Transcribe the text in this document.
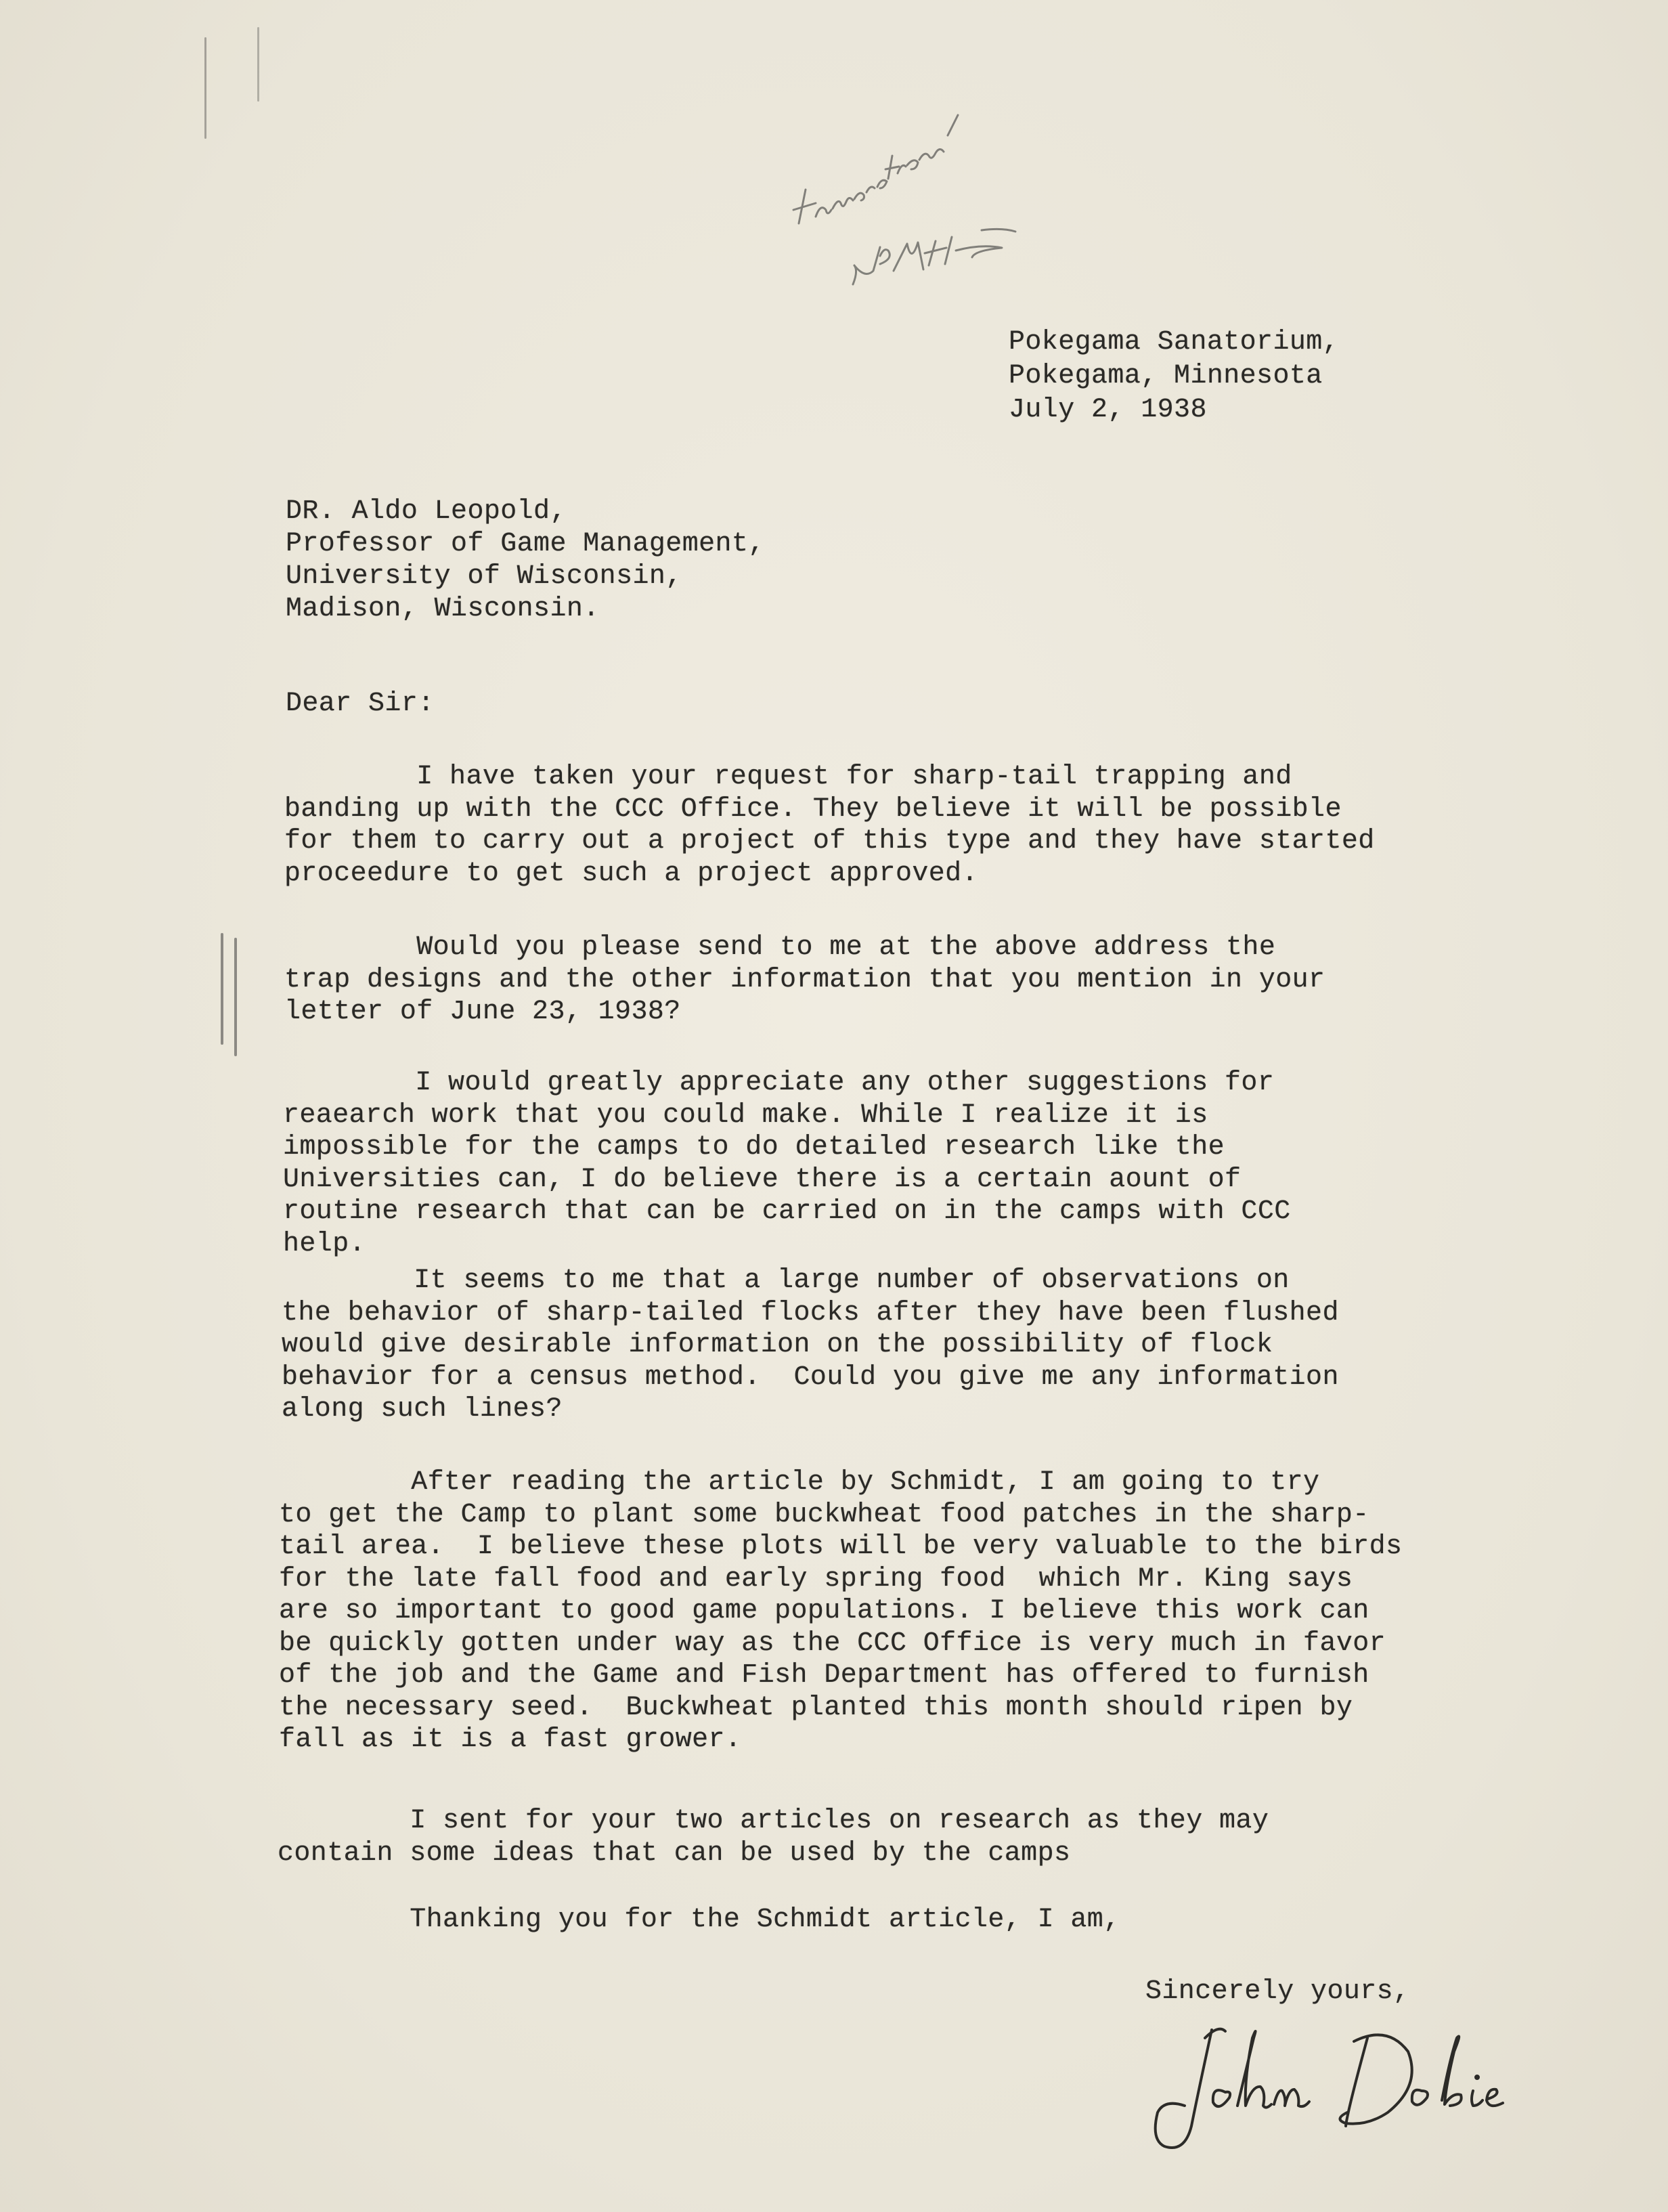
Pokegama Sanatorium,
Pokegama, Minnesota
July 2, 1938
DR. Aldo Leopold,
Professor of Game Management,
University of Wisconsin,
Madison, Wisconsin.
Dear Sir:
I have taken your request for sharp-tail trapping and
banding up with the CCC Office. They believe it will be possible
for them to carry out a project of this type and they have started
proceedure to get such a project approved.
Would you please send to me at the above address the
trap designs and the other information that you mention in your
letter of June 23, 1938?
I would greatly appreciate any other suggestions for
reaearch work that you could make. While I realize it is
impossible for the camps to do detailed research like the
Universities can, I do believe there is a certain aount of
routine research that can be carried on in the camps with CCC
help.
It seems to me that a large number of observations on
the behavior of sharp-tailed flocks after they have been flushed
would give desirable information on the possibility of flock
behavior for a census method.  Could you give me any information
along such lines?
After reading the article by Schmidt, I am going to try
to get the Camp to plant some buckwheat food patches in the sharp-
tail area.  I believe these plots will be very valuable to the birds
for the late fall food and early spring food  which Mr. King says
are so important to good game populations. I believe this work can
be quickly gotten under way as the CCC Office is very much in favor
of the job and the Game and Fish Department has offered to furnish
the necessary seed.  Buckwheat planted this month should ripen by
fall as it is a fast grower.
I sent for your two articles on research as they may
contain some ideas that can be used by the camps
Thanking you for the Schmidt article, I am,
Sincerely yours,
